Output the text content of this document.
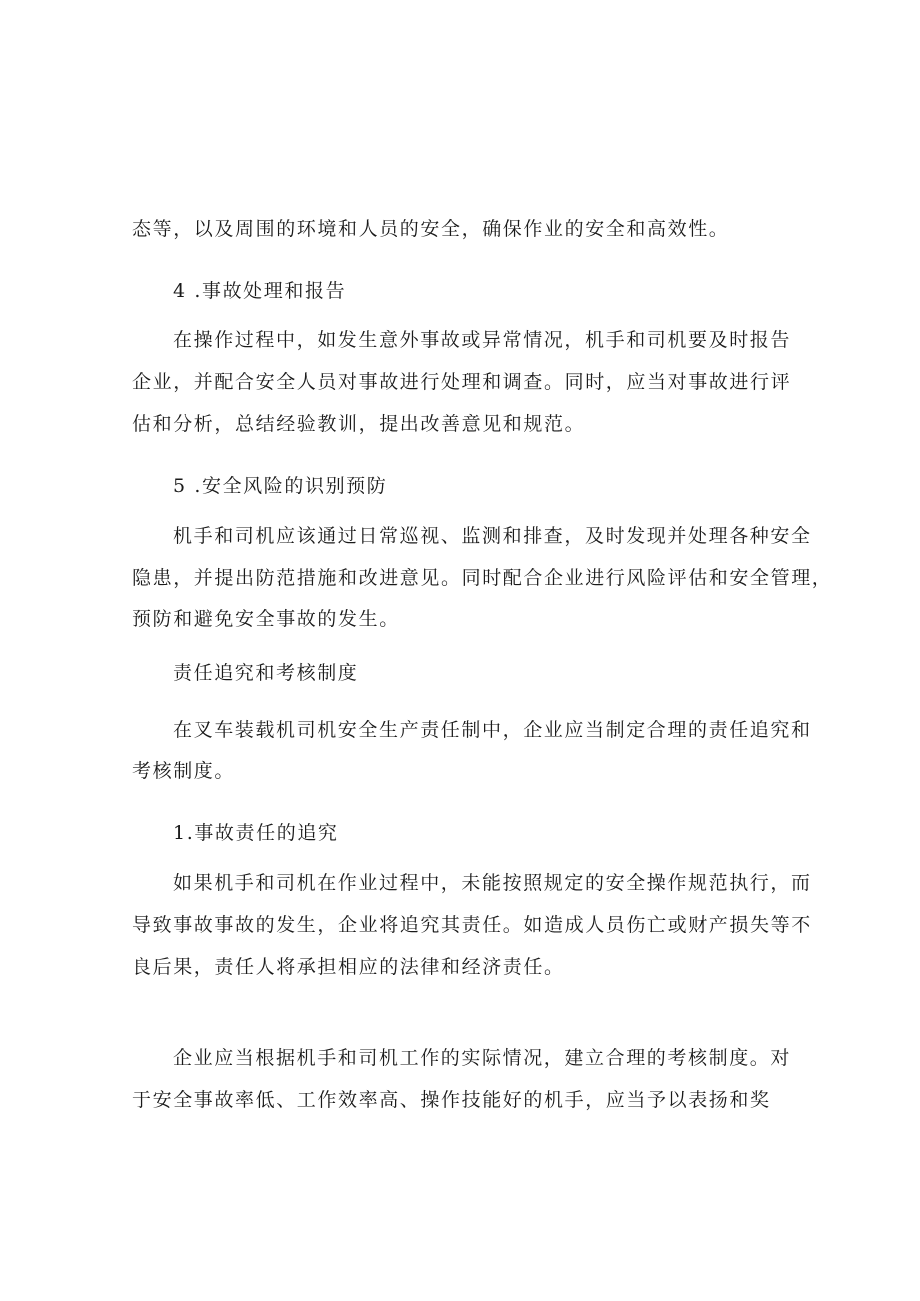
态等，以及周围的环境和人员的安全，确保作业的安全和高效性。
4 .事故处理和报告
在操作过程中，如发生意外事故或异常情况，机手和司机要及时报告
企业，并配合安全人员对事故进行处理和调查。同时，应当对事故进行评
估和分析，总结经验教训，提出改善意见和规范。
5 .安全风险的识别预防
机手和司机应该通过日常巡视、监测和排查，及时发现并处理各种安全
隐患，并提出防范措施和改进意见。同时配合企业进行风险评估和安全管理，
预防和避免安全事故的发生。
责任追究和考核制度
在叉车装载机司机安全生产责任制中，企业应当制定合理的责任追究和
考核制度。
1.事故责任的追究
如果机手和司机在作业过程中，未能按照规定的安全操作规范执行，而
导致事故事故的发生，企业将追究其责任。如造成人员伤亡或财产损失等不
良后果，责任人将承担相应的法律和经济责任。
企业应当根据机手和司机工作的实际情况，建立合理的考核制度。对
于安全事故率低、工作效率高、操作技能好的机手，应当予以表扬和奖
